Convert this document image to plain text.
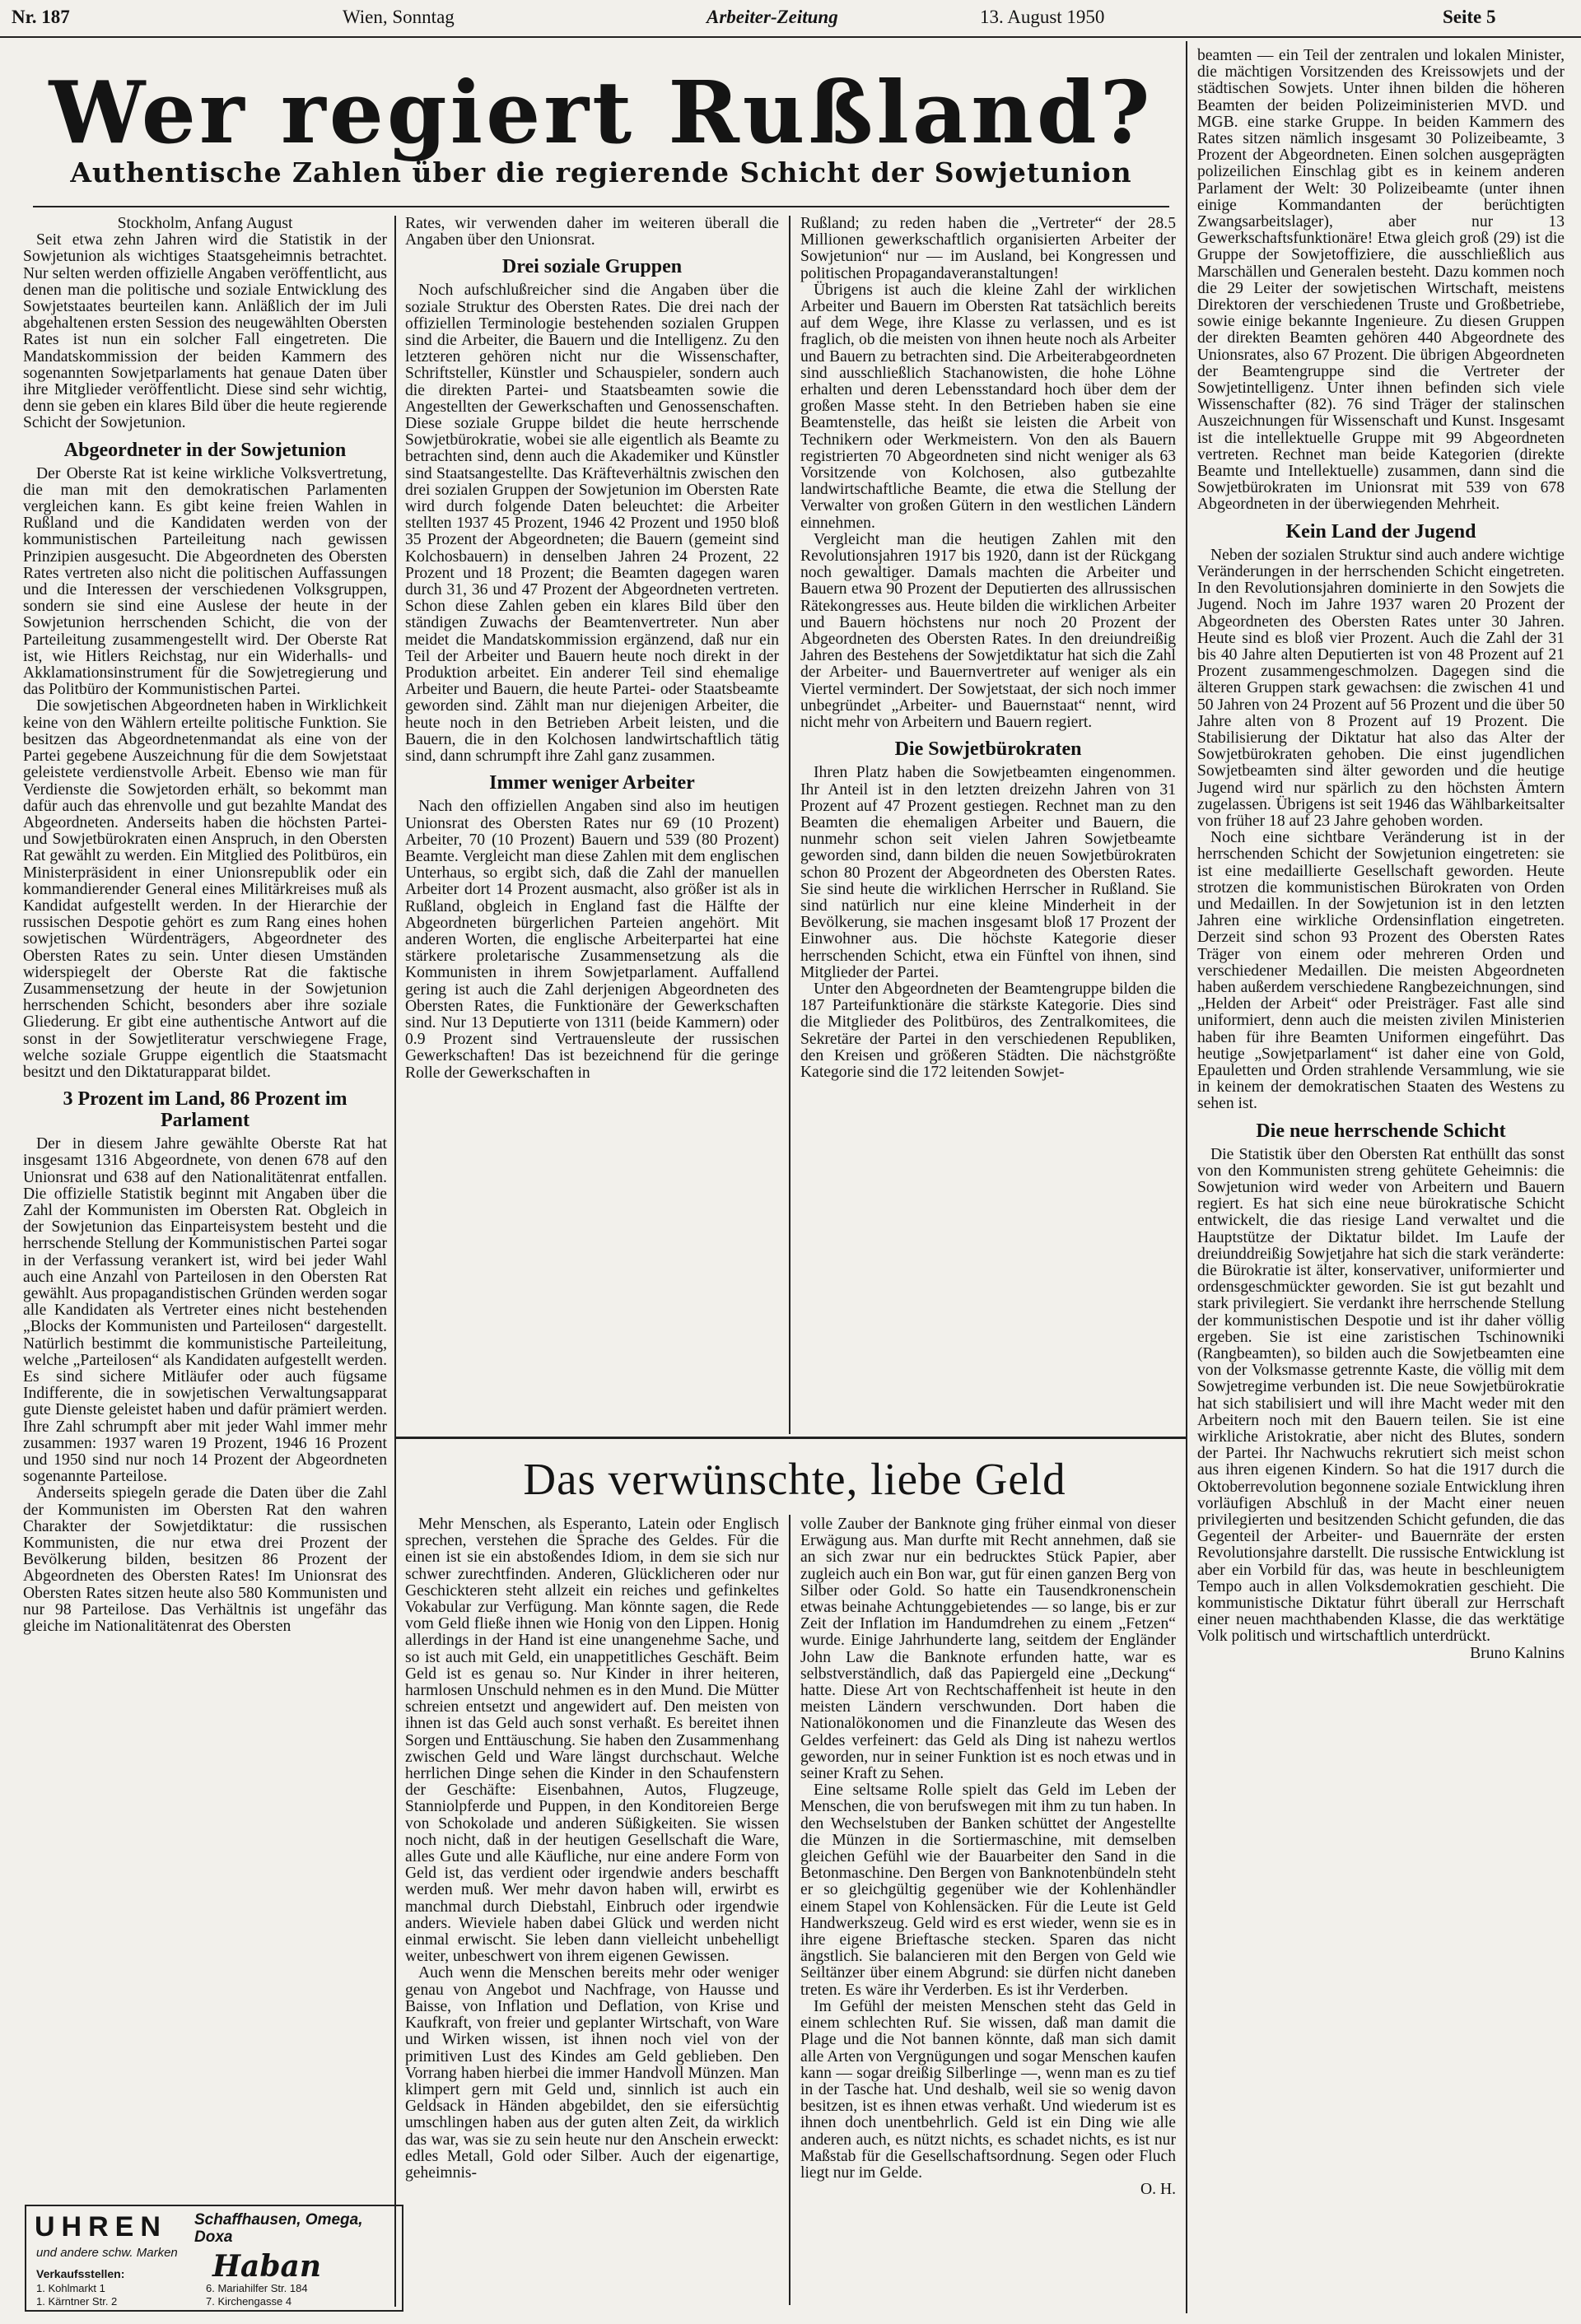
Nr. 187	Wien, Sonntag	Arbeiter-Zeitung	13. August 1950	Seite 5
Wer regiert Rußland?
Authentische Zahlen über die regierende Schicht der Sowjetunion

Stockholm, Anfang August

Seit etwa zehn Jahren wird die Statistik in der Sowjetunion als wichtiges Staatsgeheimnis betrachtet. Nur selten werden offizielle Angaben veröffentlicht, aus denen man die politische und soziale Entwicklung des Sowjetstaates beurteilen kann. Anläßlich der im Juli abgehaltenen ersten Session des neugewählten Obersten Rates ist nun ein solcher Fall eingetreten. Die Mandatskommission der beiden Kammern des sogenannten Sowjetparlaments hat genaue Daten über ihre Mitglieder veröffentlicht. Diese sind sehr wichtig, denn sie geben ein klares Bild über die heute regierende Schicht der Sowjetunion.

Abgeordneter in der Sowjetunion

Der Oberste Rat ist keine wirkliche Volksvertretung, die man mit den demokratischen Parlamenten vergleichen kann. Es gibt keine freien Wahlen in Rußland und die Kandidaten werden von der kommunistischen Parteileitung nach gewissen Prinzipien ausgesucht. Die Abgeordneten des Obersten Rates vertreten also nicht die politischen Auffassungen und die Interessen der verschiedenen Volksgruppen, sondern sie sind eine Auslese der heute in der Sowjetunion herrschenden Schicht, die von der Parteileitung zusammengestellt wird. Der Oberste Rat ist, wie Hitlers Reichstag, nur ein Widerhalls- und Akklamationsinstrument für die Sowjetregierung und das Politbüro der Kommunistischen Partei.

Die sowjetischen Abgeordneten haben in Wirklichkeit keine von den Wählern erteilte politische Funktion. Sie besitzen das Abgeordnetenmandat als eine von der Partei gegebene Auszeichnung für die dem Sowjetstaat geleistete verdienstvolle Arbeit. Ebenso wie man für Verdienste die Sowjetorden erhält, so bekommt man dafür auch das ehrenvolle und gut bezahlte Mandat des Abgeordneten. Anderseits haben die höchsten Partei- und Sowjetbürokraten einen Anspruch, in den Obersten Rat gewählt zu werden. Ein Mitglied des Politbüros, ein Ministerpräsident in einer Unionsrepublik oder ein kommandierender General eines Militärkreises muß als Kandidat aufgestellt werden. In der Hierarchie der russischen Despotie gehört es zum Rang eines hohen sowjetischen Würdenträgers, Abgeordneter des Obersten Rates zu sein. Unter diesen Umständen widerspiegelt der Oberste Rat die faktische Zusammensetzung der heute in der Sowjetunion herrschenden Schicht, besonders aber ihre soziale Gliederung. Er gibt eine authentische Antwort auf die sonst in der Sowjetliteratur verschwiegene Frage, welche soziale Gruppe eigentlich die Staatsmacht besitzt und den Diktaturapparat bildet.

3 Prozent im Land, 86 Prozent im Parlament

Der in diesem Jahre gewählte Oberste Rat hat insgesamt 1316 Abgeordnete, von denen 678 auf den Unionsrat und 638 auf den Nationalitätenrat entfallen. Die offizielle Statistik beginnt mit Angaben über die Zahl der Kommunisten im Obersten Rat. Obgleich in der Sowjetunion das Einparteisystem besteht und die herrschende Stellung der Kommunistischen Partei sogar in der Verfassung verankert ist, wird bei jeder Wahl auch eine Anzahl von Parteilosen in den Obersten Rat gewählt. Aus propagandistischen Gründen werden sogar alle Kandidaten als Vertreter eines nicht bestehenden „Blocks der Kommunisten und Parteilosen“ dargestellt. Natürlich bestimmt die kommunistische Parteileitung, welche „Parteilosen“ als Kandidaten aufgestellt werden. Es sind sichere Mitläufer oder auch fügsame Indifferente, die in sowjetischen Verwaltungsapparat gute Dienste geleistet haben und dafür prämiert werden. Ihre Zahl schrumpft aber mit jeder Wahl immer mehr zusammen: 1937 waren 19 Prozent, 1946 16 Prozent und 1950 sind nur noch 14 Prozent der Abgeordneten sogenannte Parteilose.

Anderseits spiegeln gerade die Daten über die Zahl der Kommunisten im Obersten Rat den wahren Charakter der Sowjetdiktatur: die russischen Kommunisten, die nur etwa drei Prozent der Bevölkerung bilden, besitzen 86 Prozent der Abgeordneten des Obersten Rates! Im Unionsrat des Obersten Rates sitzen heute also 580 Kommunisten und nur 98 Parteilose. Das Verhältnis ist ungefähr das gleiche im Nationalitätenrat des Obersten

Rates, wir verwenden daher im weiteren überall die Angaben über den Unionsrat.

Drei soziale Gruppen

Noch aufschlußreicher sind die Angaben über die soziale Struktur des Obersten Rates. Die drei nach der offiziellen Terminologie bestehenden sozialen Gruppen sind die Arbeiter, die Bauern und die Intelligenz. Zu den letzteren gehören nicht nur die Wissenschafter, Schriftsteller, Künstler und Schauspieler, sondern auch die direkten Partei- und Staatsbeamten sowie die Angestellten der Gewerkschaften und Genossenschaften. Diese soziale Gruppe bildet die heute herrschende Sowjetbürokratie, wobei sie alle eigentlich als Beamte zu betrachten sind, denn auch die Akademiker und Künstler sind Staatsangestellte. Das Kräfteverhältnis zwischen den drei sozialen Gruppen der Sowjetunion im Obersten Rate wird durch folgende Daten beleuchtet: die Arbeiter stellten 1937 45 Prozent, 1946 42 Prozent und 1950 bloß 35 Prozent der Abgeordneten; die Bauern (gemeint sind Kolchosbauern) in denselben Jahren 24 Prozent, 22 Prozent und 18 Prozent; die Beamten dagegen waren durch 31, 36 und 47 Prozent der Abgeordneten vertreten. Schon diese Zahlen geben ein klares Bild über den ständigen Zuwachs der Beamtenvertreter. Nun aber meidet die Mandatskommission ergänzend, daß nur ein Teil der Arbeiter und Bauern heute noch direkt in der Produktion arbeitet. Ein anderer Teil sind ehemalige Arbeiter und Bauern, die heute Partei- oder Staatsbeamte geworden sind. Zählt man nur diejenigen Arbeiter, die heute noch in den Betrieben Arbeit leisten, und die Bauern, die in den Kolchosen landwirtschaftlich tätig sind, dann schrumpft ihre Zahl ganz zusammen.

Immer weniger Arbeiter

Nach den offiziellen Angaben sind also im heutigen Unionsrat des Obersten Rates nur 69 (10 Prozent) Arbeiter, 70 (10 Prozent) Bauern und 539 (80 Prozent) Beamte. Vergleicht man diese Zahlen mit dem englischen Unterhaus, so ergibt sich, daß die Zahl der manuellen Arbeiter dort 14 Prozent ausmacht, also größer ist als in Rußland, obgleich in England fast die Hälfte der Abgeordneten bürgerlichen Parteien angehört. Mit anderen Worten, die englische Arbeiterpartei hat eine stärkere proletarische Zusammensetzung als die Kommunisten in ihrem Sowjetparlament. Auffallend gering ist auch die Zahl derjenigen Abgeordneten des Obersten Rates, die Funktionäre der Gewerkschaften sind. Nur 13 Deputierte von 1311 (beide Kammern) oder 0.9 Prozent sind Vertrauensleute der russischen Gewerkschaften! Das ist bezeichnend für die geringe Rolle der Gewerkschaften in

Rußland; zu reden haben die „Vertreter“ der 28.5 Millionen gewerkschaftlich organisierten Arbeiter der Sowjetunion“ nur — im Ausland, bei Kongressen und politischen Propagandaveranstaltungen!

Übrigens ist auch die kleine Zahl der wirklichen Arbeiter und Bauern im Obersten Rat tatsächlich bereits auf dem Wege, ihre Klasse zu verlassen, und es ist fraglich, ob die meisten von ihnen heute noch als Arbeiter und Bauern zu betrachten sind. Die Arbeiterabgeordneten sind ausschließlich Stachanowisten, die hohe Löhne erhalten und deren Lebensstandard hoch über dem der großen Masse steht. In den Betrieben haben sie eine Beamtenstelle, das heißt sie leisten die Arbeit von Technikern oder Werkmeistern. Von den als Bauern registrierten 70 Abgeordneten sind nicht weniger als 63 Vorsitzende von Kolchosen, also gutbezahlte landwirtschaftliche Beamte, die etwa die Stellung der Verwalter von großen Gütern in den westlichen Ländern einnehmen.

Vergleicht man die heutigen Zahlen mit den Revolutionsjahren 1917 bis 1920, dann ist der Rückgang noch gewaltiger. Damals machten die Arbeiter und Bauern etwa 90 Prozent der Deputierten des allrussischen Rätekongresses aus. Heute bilden die wirklichen Arbeiter und Bauern höchstens nur noch 20 Prozent der Abgeordneten des Obersten Rates. In den dreiundreißig Jahren des Bestehens der Sowjetdiktatur hat sich die Zahl der Arbeiter- und Bauernvertreter auf weniger als ein Viertel vermindert. Der Sowjetstaat, der sich noch immer unbegründet „Arbeiter- und Bauernstaat“ nennt, wird nicht mehr von Arbeitern und Bauern regiert.

Die Sowjetbürokraten

Ihren Platz haben die Sowjetbeamten eingenommen. Ihr Anteil ist in den letzten dreizehn Jahren von 31 Prozent auf 47 Prozent gestiegen. Rechnet man zu den Beamten die ehemaligen Arbeiter und Bauern, die nunmehr schon seit vielen Jahren Sowjetbeamte geworden sind, dann bilden die neuen Sowjetbürokraten schon 80 Prozent der Abgeordneten des Obersten Rates. Sie sind heute die wirklichen Herrscher in Rußland. Sie sind natürlich nur eine kleine Minderheit in der Bevölkerung, sie machen insgesamt bloß 17 Prozent der Einwohner aus. Die höchste Kategorie dieser herrschenden Schicht, etwa ein Fünftel von ihnen, sind Mitglieder der Partei.

Unter den Abgeordneten der Beamtengruppe bilden die 187 Parteifunktionäre die stärkste Kategorie. Dies sind die Mitglieder des Politbüros, des Zentralkomitees, die Sekretäre der Partei in den verschiedenen Republiken, den Kreisen und größeren Städten. Die nächstgrößte Kategorie sind die 172 leitenden Sowjet-

beamten — ein Teil der zentralen und lokalen Minister, die mächtigen Vorsitzenden des Kreissowjets und der städtischen Sowjets. Unter ihnen bilden die höheren Beamten der beiden Polizeiministerien MVD. und MGB. eine starke Gruppe. In beiden Kammern des Rates sitzen nämlich insgesamt 30 Polizeibeamte, 3 Prozent der Abgeordneten. Einen solchen ausgeprägten polizeilichen Einschlag gibt es in keinem anderen Parlament der Welt: 30 Polizeibeamte (unter ihnen einige Kommandanten der berüchtigten Zwangsarbeitslager), aber nur 13 Gewerkschaftsfunktionäre! Etwa gleich groß (29) ist die Gruppe der Sowjetoffiziere, die ausschließlich aus Marschällen und Generalen besteht. Dazu kommen noch die 29 Leiter der sowjetischen Wirtschaft, meistens Direktoren der verschiedenen Truste und Großbetriebe, sowie einige bekannte Ingenieure. Zu diesen Gruppen der direkten Beamten gehören 440 Abgeordnete des Unionsrates, also 67 Prozent. Die übrigen Abgeordneten der Beamtengruppe sind die Vertreter der Sowjetintelligenz. Unter ihnen befinden sich viele Wissenschafter (82). 76 sind Träger der stalinschen Auszeichnungen für Wissenschaft und Kunst. Insgesamt ist die intellektuelle Gruppe mit 99 Abgeordneten vertreten. Rechnet man beide Kategorien (direkte Beamte und Intellektuelle) zusammen, dann sind die Sowjetbürokraten im Unionsrat mit 539 von 678 Abgeordneten in der überwiegenden Mehrheit.

Kein Land der Jugend

Neben der sozialen Struktur sind auch andere wichtige Veränderungen in der herrschenden Schicht eingetreten. In den Revolutionsjahren dominierte in den Sowjets die Jugend. Noch im Jahre 1937 waren 20 Prozent der Abgeordneten des Obersten Rates unter 30 Jahren. Heute sind es bloß vier Prozent. Auch die Zahl der 31 bis 40 Jahre alten Deputierten ist von 48 Prozent auf 21 Prozent zusammengeschmolzen. Dagegen sind die älteren Gruppen stark gewachsen: die zwischen 41 und 50 Jahren von 24 Prozent auf 56 Prozent und die über 50 Jahre alten von 8 Prozent auf 19 Prozent. Die Stabilisierung der Diktatur hat also das Alter der Sowjetbürokraten gehoben. Die einst jugendlichen Sowjetbeamten sind älter geworden und die heutige Jugend wird nur spärlich zu den höchsten Ämtern zugelassen. Übrigens ist seit 1946 das Wählbarkeitsalter von früher 18 auf 23 Jahre gehoben worden.

Noch eine sichtbare Veränderung ist in der herrschenden Schicht der Sowjetunion eingetreten: sie ist eine medaillierte Gesellschaft geworden. Heute strotzen die kommunistischen Bürokraten von Orden und Medaillen. In der Sowjetunion ist in den letzten Jahren eine wirkliche Ordensinflation eingetreten. Derzeit sind schon 93 Prozent des Obersten Rates Träger von einem oder mehreren Orden und verschiedener Medaillen. Die meisten Abgeordneten haben außerdem verschiedene Rangbezeichnungen, sind „Helden der Arbeit“ oder Preisträger. Fast alle sind uniformiert, denn auch die meisten zivilen Ministerien haben für ihre Beamten Uniformen eingeführt. Das heutige „Sowjetparlament“ ist daher eine von Gold, Epauletten und Orden strahlende Versammlung, wie sie in keinem der demokratischen Staaten des Westens zu sehen ist.

Die neue herrschende Schicht

Die Statistik über den Obersten Rat enthüllt das sonst von den Kommunisten streng gehütete Geheimnis: die Sowjetunion wird weder von Arbeitern und Bauern regiert. Es hat sich eine neue bürokratische Schicht entwickelt, die das riesige Land verwaltet und die Hauptstütze der Diktatur bildet. Im Laufe der dreiunddreißig Sowjetjahre hat sich die stark veränderte: die Bürokratie ist älter, konservativer, uniformierter und ordensgeschmückter geworden. Sie ist gut bezahlt und stark privilegiert. Sie verdankt ihre herrschende Stellung der kommunistischen Despotie und ist ihr daher völlig ergeben. Sie ist eine zaristischen Tschinowniki (Rangbeamten), so bilden auch die Sowjetbeamten eine von der Volksmasse getrennte Kaste, die völlig mit dem Sowjetregime verbunden ist. Die neue Sowjetbürokratie hat sich stabilisiert und will ihre Macht weder mit den Arbeitern noch mit den Bauern teilen. Sie ist eine wirkliche Aristokratie, aber nicht des Blutes, sondern der Partei. Ihr Nachwuchs rekrutiert sich meist schon aus ihren eigenen Kindern. So hat die 1917 durch die Oktoberrevolution begonnene soziale Entwicklung ihren vorläufigen Abschluß in der Macht einer neuen privilegierten und besitzenden Schicht gefunden, die das Gegenteil der Arbeiter- und Bauernräte der ersten Revolutionsjahre darstellt. Die russische Entwicklung ist aber ein Vorbild für das, was heute in beschleunigtem Tempo auch in allen Volksdemokratien geschieht. Die kommunistische Diktatur führt überall zur Herrschaft einer neuen machthabenden Klasse, die das werktätige Volk politisch und wirtschaftlich unterdrückt.

Bruno Kalnins

Das verwünschte, liebe Geld

Mehr Menschen, als Esperanto, Latein oder Englisch sprechen, verstehen die Sprache des Geldes. Für die einen ist sie ein abstoßendes Idiom, in dem sie sich nur schwer zurechtfinden. Anderen, Glücklicheren oder nur Geschickteren steht allzeit ein reiches und gefinkeltes Vokabular zur Verfügung. Man könnte sagen, die Rede vom Geld fließe ihnen wie Honig von den Lippen. Honig allerdings in der Hand ist eine unangenehme Sache, und so ist auch mit Geld, ein unappetitliches Geschäft. Beim Geld ist es genau so. Nur Kinder in ihrer heiteren, harmlosen Unschuld nehmen es in den Mund. Die Mütter schreien entsetzt und angewidert auf. Den meisten von ihnen ist das Geld auch sonst verhaßt. Es bereitet ihnen Sorgen und Enttäuschung. Sie haben den Zusammenhang zwischen Geld und Ware längst durchschaut. Welche herrlichen Dinge sehen die Kinder in den Schaufenstern der Geschäfte: Eisenbahnen, Autos, Flugzeuge, Stanniolpferde und Puppen, in den Konditoreien Berge von Schokolade und anderen Süßigkeiten. Sie wissen noch nicht, daß in der heutigen Gesellschaft die Ware, alles Gute und alle Käufliche, nur eine andere Form von Geld ist, das verdient oder irgendwie anders beschafft werden muß. Wer mehr davon haben will, erwirbt es manchmal durch Diebstahl, Einbruch oder irgendwie anders. Wieviele haben dabei Glück und werden nicht einmal erwischt. Sie leben dann vielleicht unbehelligt weiter, unbeschwert von ihrem eigenen Gewissen.

Auch wenn die Menschen bereits mehr oder weniger genau von Angebot und Nachfrage, von Hausse und Baisse, von Inflation und Deflation, von Krise und Kaufkraft, von freier und geplanter Wirtschaft, von Ware und Wirken wissen, ist ihnen noch viel von der primitiven Lust des Kindes am Geld geblieben. Den Vorrang haben hierbei die immer Handvoll Münzen. Man klimpert gern mit Geld und, sinnlich ist auch ein Geldsack in Händen abgebildet, den sie eifersüchtig umschlingen haben aus der guten alten Zeit, da wirklich das war, was sie zu sein heute nur den Anschein erweckt: edles Metall, Gold oder Silber. Auch der eigenartige, geheimnis-

volle Zauber der Banknote ging früher einmal von dieser Erwägung aus. Man durfte mit Recht annehmen, daß sie an sich zwar nur ein bedrucktes Stück Papier, aber zugleich auch ein Bon war, gut für einen ganzen Berg von Silber oder Gold. So hatte ein Tausendkronenschein etwas beinahe Achtunggebietendes — so lange, bis er zur Zeit der Inflation im Handumdrehen zu einem „Fetzen“ wurde. Einige Jahrhunderte lang, seitdem der Engländer John Law die Banknote erfunden hatte, war es selbstverständlich, daß das Papiergeld eine „Deckung“ hatte. Diese Art von Rechtschaffenheit ist heute in den meisten Ländern verschwunden. Dort haben die Nationalökonomen und die Finanzleute das Wesen des Geldes verfeinert: das Geld als Ding ist nahezu wertlos geworden, nur in seiner Funktion ist es noch etwas und in seiner Kraft zu Sehen.

Eine seltsame Rolle spielt das Geld im Leben der Menschen, die von berufswegen mit ihm zu tun haben. In den Wechselstuben der Banken schüttet der Angestellte die Münzen in die Sortiermaschine, mit demselben gleichen Gefühl wie der Bauarbeiter den Sand in die Betonmaschine. Den Bergen von Banknotenbündeln steht er so gleichgültig gegenüber wie der Kohlenhändler einem Stapel von Kohlensäcken. Für die Leute ist Geld Handwerkszeug. Geld wird es erst wieder, wenn sie es in ihre eigene Brieftasche stecken. Sparen das nicht ängstlich. Sie balancieren mit den Bergen von Geld wie Seiltänzer über einem Abgrund: sie dürfen nicht daneben treten. Es wäre ihr Verderben. Es ist ihr Verderben.

Im Gefühl der meisten Menschen steht das Geld in einem schlechten Ruf. Sie wissen, daß man damit die Plage und die Not bannen könnte, daß man sich damit alle Arten von Vergnügungen und sogar Menschen kaufen kann — sogar dreißig Silberlinge —, wenn man es zu tief in der Tasche hat. Und deshalb, weil sie so wenig davon besitzen, ist es ihnen etwas verhaßt. Und wiederum ist es ihnen doch unentbehrlich. Geld ist ein Ding wie alle anderen auch, es nützt nichts, es schadet nichts, es ist nur Maßstab für die Gesellschaftsordnung. Segen oder Fluch liegt nur im Gelde.

O. H.

UHREN
und andere schw. Marken
Schaffhausen, Omega, Doxa
Haban
Verkaufsstellen:
1. Kohlmarkt 1
1. Kärntner Str. 2
6. Mariahilfer Str. 184
7. Kirchengasse 4
